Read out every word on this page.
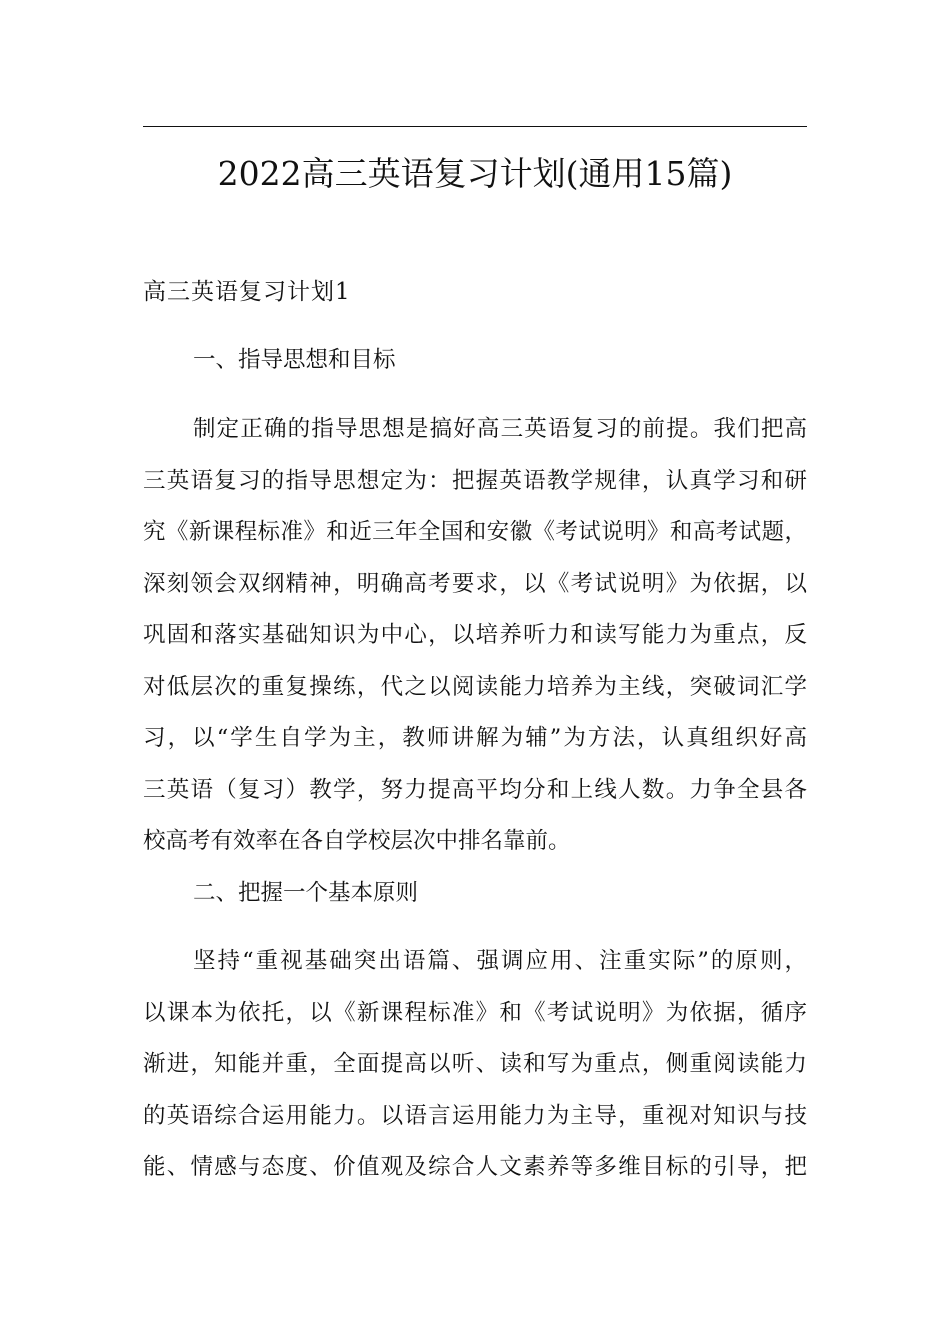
2022高三英语复习计划(通用15篇)
高三英语复习计划1
一、指导思想和目标
制定正确的指导思想是搞好高三英语复习的前提。我们把高
三英语复习的指导思想定为：把握英语教学规律，认真学习和研
究《新课程标准》和近三年全国和安徽《考试说明》和高考试题，
深刻领会双纲精神，明确高考要求，以《考试说明》为依据，以
巩固和落实基础知识为中心，以培养听力和读写能力为重点，反
对低层次的重复操练，代之以阅读能力培养为主线，突破词汇学
习，以“学生自学为主，教师讲解为辅”为方法，认真组织好高
三英语（复习）教学，努力提高平均分和上线人数。力争全县各
校高考有效率在各自学校层次中排名靠前。
二、把握一个基本原则
坚持“重视基础突出语篇、强调应用、注重实际”的原则，
以课本为依托，以《新课程标准》和《考试说明》为依据，循序
渐进，知能并重，全面提高以听、读和写为重点，侧重阅读能力
的英语综合运用能力。以语言运用能力为主导，重视对知识与技
能、情感与态度、价值观及综合人文素养等多维目标的引导，把
